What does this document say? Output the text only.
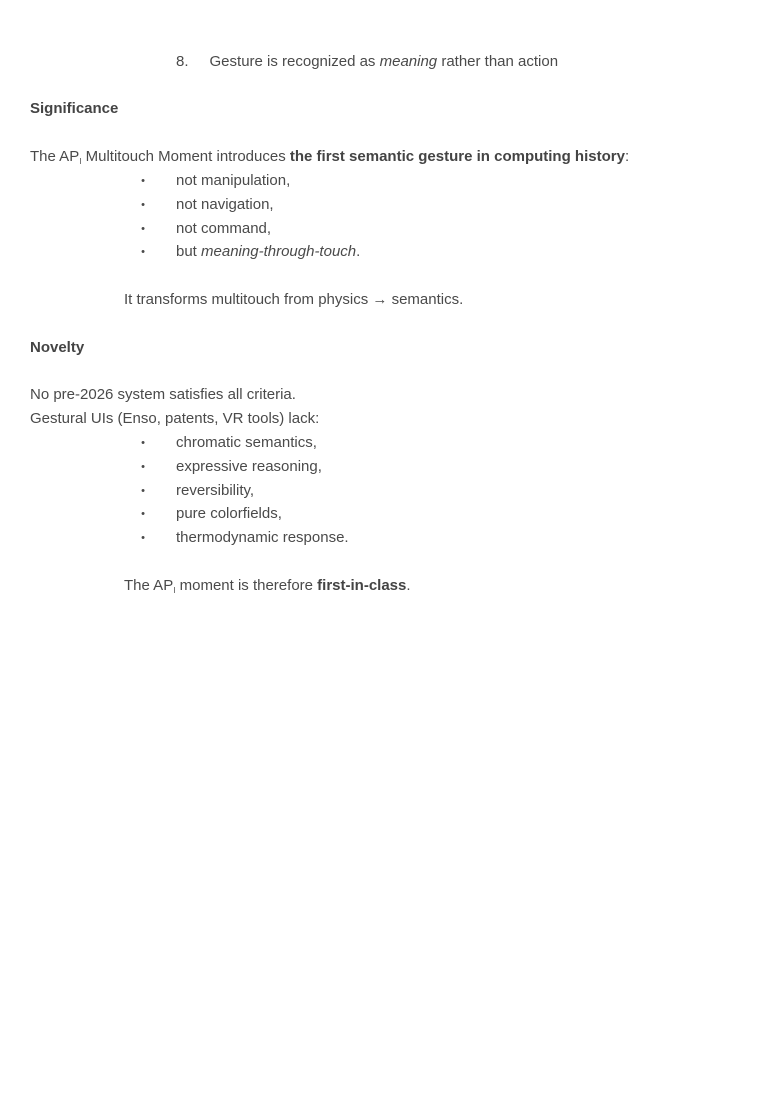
8. Gesture is recognized as meaning rather than action
Significance
The $AP_I$ Multitouch Moment introduces the first semantic gesture in computing history:
• not manipulation,
• not navigation,
• not command,
• but meaning-through-touch.
It transforms multitouch from physics → semantics.
Novelty
No pre-2026 system satisfies all criteria.
Gestural UIs (Enso, patents, VR tools) lack:
• chromatic semantics,
• expressive reasoning,
• reversibility,
• pure colorfields,
• thermodynamic response.
The $AP_I$ moment is therefore first-in-class.
